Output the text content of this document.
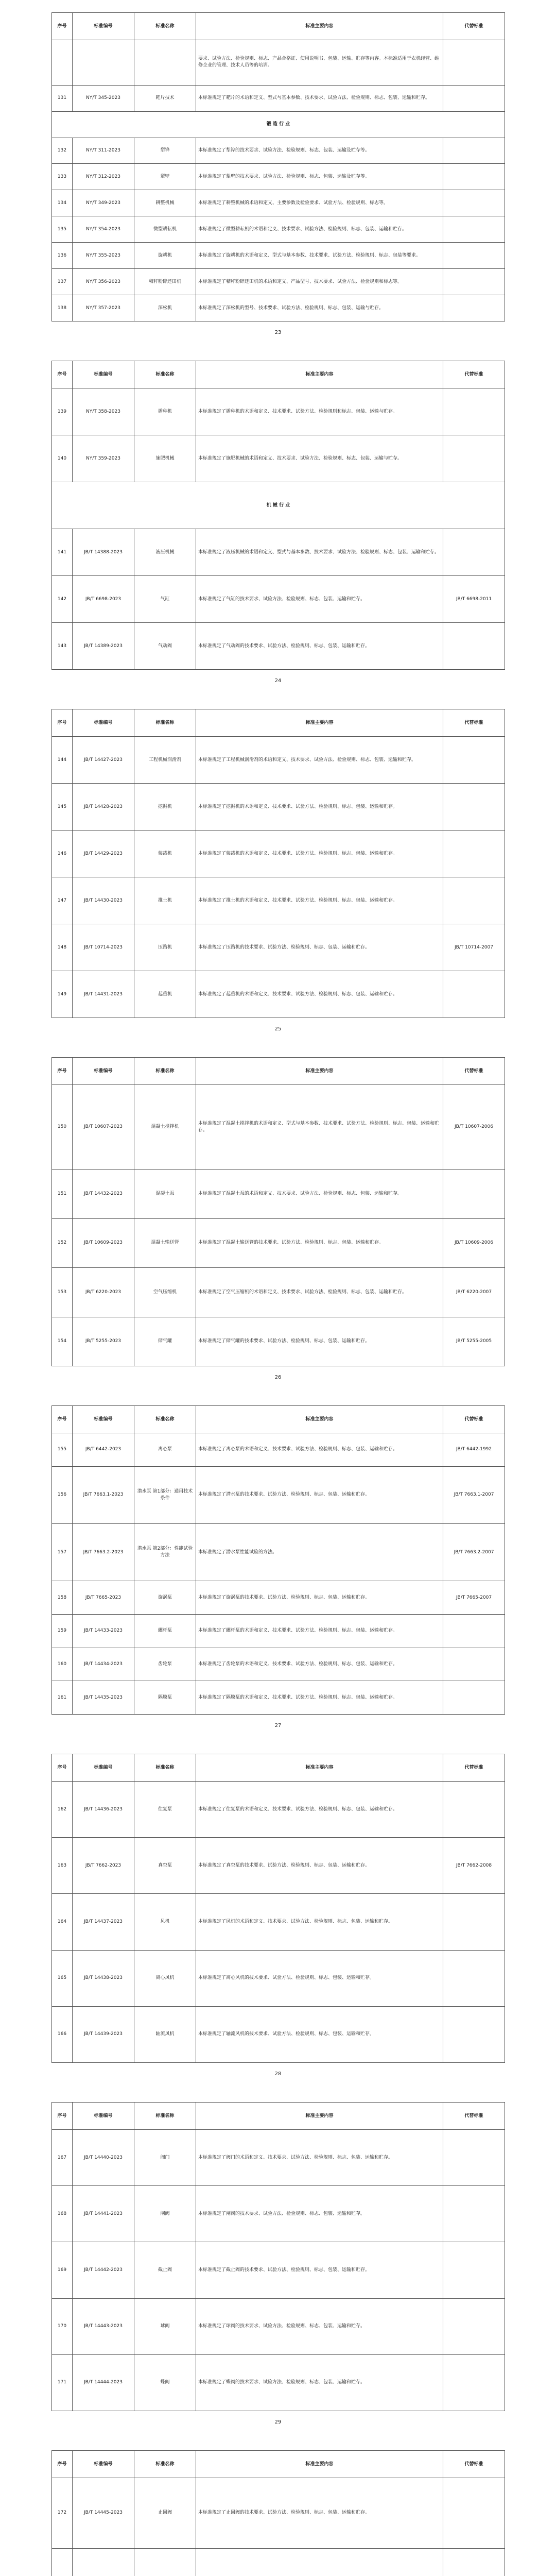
序号	标准编号	标准名称	标准主要内容	代替标准
			要求、试验方法、检验规则、标志、产品合格证、使用说明书、包装、运输、贮存等内容。本标准适用于农机经营、维修企业的管理、技术人员等的培训。	
131	NY/T 345-2023	耙片技术	本标准规定了耙片的术语和定义、型式与基本参数、技术要求、试验方法、检验规则、标志、包装、运输和贮存。	
锻 造 行 业				
132	NY/T 311-2023	犁铧	本标准规定了犁铧的技术要求、试验方法、检验规则、标志、包装、运输及贮存等。	
133	NY/T 312-2023	犁壁	本标准规定了犁壁的技术要求、试验方法、检验规则、标志、包装、运输及贮存等。	
134	NY/T 349-2023	耕整机械	本标准规定了耕整机械的术语和定义、主要参数及检验要求、试验方法、检验规则、标志等。	
135	NY/T 354-2023	微型耕耘机	本标准规定了微型耕耘机的术语和定义、技术要求、试验方法、检验规则、标志、包装、运输和贮存。	
136	NY/T 355-2023	旋耕机	本标准规定了旋耕机的术语和定义、型式与基本参数、技术要求、试验方法、检验规则、标志、包装等要求。	
137	NY/T 356-2023	秸秆粉碎还田机	本标准规定了秸秆粉碎还田机的术语和定义、产品型号、技术要求、试验方法、检验规则和标志等。	
138	NY/T 357-2023	深松机	本标准规定了深松机的型号、技术要求、试验方法、检验规则、标志、包装、运输与贮存。	
23
序号	标准编号	标准名称	标准主要内容	代替标准
139	NY/T 358-2023	播种机	本标准规定了播种机的术语和定义、技术要求、试验方法、检验规则和标志、包装、运输与贮存。	
140	NY/T 359-2023	施肥机械	本标准规定了施肥机械的术语和定义、技术要求、试验方法、检验规则、标志、包装、运输与贮存。	
机 械 行 业				
141	JB/T 14388-2023	液压机械	本标准规定了液压机械的术语和定义、型式与基本参数、技术要求、试验方法、检验规则、标志、包装、运输和贮存。	
142	JB/T 6698-2023	气缸	本标准规定了气缸的技术要求、试验方法、检验规则、标志、包装、运输和贮存。	JB/T 6698-2011
143	JB/T 14389-2023	气动阀	本标准规定了气动阀的技术要求、试验方法、检验规则、标志、包装、运输和贮存。	
24
序号	标准编号	标准名称	标准主要内容	代替标准
144	JB/T 14427-2023	工程机械润滑剂	本标准规定了工程机械润滑剂的术语和定义、技术要求、试验方法、检验规则、标志、包装、运输和贮存。	
145	JB/T 14428-2023	挖掘机	本标准规定了挖掘机的术语和定义、技术要求、试验方法、检验规则、标志、包装、运输和贮存。	
146	JB/T 14429-2023	装载机	本标准规定了装载机的术语和定义、技术要求、试验方法、检验规则、标志、包装、运输和贮存。	
147	JB/T 14430-2023	推土机	本标准规定了推土机的术语和定义、技术要求、试验方法、检验规则、标志、包装、运输和贮存。	
148	JB/T 10714-2023	压路机	本标准规定了压路机的技术要求、试验方法、检验规则、标志、包装、运输和贮存。	JB/T 10714-2007
149	JB/T 14431-2023	起重机	本标准规定了起重机的术语和定义、技术要求、试验方法、检验规则、标志、包装、运输和贮存。	
25
序号	标准编号	标准名称	标准主要内容	代替标准
150	JB/T 10607-2023	混凝土搅拌机	本标准规定了混凝土搅拌机的术语和定义、型式与基本参数、技术要求、试验方法、检验规则、标志、包装、运输和贮存。	JB/T 10607-2006
151	JB/T 14432-2023	混凝土泵	本标准规定了混凝土泵的术语和定义、技术要求、试验方法、检验规则、标志、包装、运输和贮存。	
152	JB/T 10609-2023	混凝土输送管	本标准规定了混凝土输送管的技术要求、试验方法、检验规则、标志、包装、运输和贮存。	JB/T 10609-2006
153	JB/T 6220-2023	空气压缩机	本标准规定了空气压缩机的术语和定义、技术要求、试验方法、检验规则、标志、包装、运输和贮存。	JB/T 6220-2007
154	JB/T 5255-2023	储气罐	本标准规定了储气罐的技术要求、试验方法、检验规则、标志、包装、运输和贮存。	JB/T 5255-2005
26
序号	标准编号	标准名称	标准主要内容	代替标准
155	JB/T 6442-2023	离心泵	本标准规定了离心泵的术语和定义、技术要求、试验方法、检验规则、标志、包装、运输和贮存。	JB/T 6442-1992
156	JB/T 7663.1-2023	潜水泵 第1部分：通用技术条件	本标准规定了潜水泵的技术要求、试验方法、检验规则、标志、包装、运输和贮存。	JB/T 7663.1-2007
157	JB/T 7663.2-2023	潜水泵 第2部分：性能试验方法	本标准规定了潜水泵性能试验的方法。	JB/T 7663.2-2007
158	JB/T 7665-2023	旋涡泵	本标准规定了旋涡泵的技术要求、试验方法、检验规则、标志、包装、运输和贮存。	JB/T 7665-2007
159	JB/T 14433-2023	螺杆泵	本标准规定了螺杆泵的术语和定义、技术要求、试验方法、检验规则、标志、包装、运输和贮存。	
160	JB/T 14434-2023	齿轮泵	本标准规定了齿轮泵的术语和定义、技术要求、试验方法、检验规则、标志、包装、运输和贮存。	
161	JB/T 14435-2023	隔膜泵	本标准规定了隔膜泵的术语和定义、技术要求、试验方法、检验规则、标志、包装、运输和贮存。	
27
序号	标准编号	标准名称	标准主要内容	代替标准
162	JB/T 14436-2023	往复泵	本标准规定了往复泵的术语和定义、技术要求、试验方法、检验规则、标志、包装、运输和贮存。	
163	JB/T 7662-2023	真空泵	本标准规定了真空泵的技术要求、试验方法、检验规则、标志、包装、运输和贮存。	JB/T 7662-2008
164	JB/T 14437-2023	风机	本标准规定了风机的术语和定义、技术要求、试验方法、检验规则、标志、包装、运输和贮存。	
165	JB/T 14438-2023	离心风机	本标准规定了离心风机的技术要求、试验方法、检验规则、标志、包装、运输和贮存。	
166	JB/T 14439-2023	轴流风机	本标准规定了轴流风机的技术要求、试验方法、检验规则、标志、包装、运输和贮存。	
28
序号	标准编号	标准名称	标准主要内容	代替标准
167	JB/T 14440-2023	阀门	本标准规定了阀门的术语和定义、技术要求、试验方法、检验规则、标志、包装、运输和贮存。	
168	JB/T 14441-2023	闸阀	本标准规定了闸阀的技术要求、试验方法、检验规则、标志、包装、运输和贮存。	
169	JB/T 14442-2023	截止阀	本标准规定了截止阀的技术要求、试验方法、检验规则、标志、包装、运输和贮存。	
170	JB/T 14443-2023	球阀	本标准规定了球阀的技术要求、试验方法、检验规则、标志、包装、运输和贮存。	
171	JB/T 14444-2023	蝶阀	本标准规定了蝶阀的技术要求、试验方法、检验规则、标志、包装、运输和贮存。	
29
序号	标准编号	标准名称	标准主要内容	代替标准
172	JB/T 14445-2023	止回阀	本标准规定了止回阀的技术要求、试验方法、检验规则、标志、包装、运输和贮存。	
